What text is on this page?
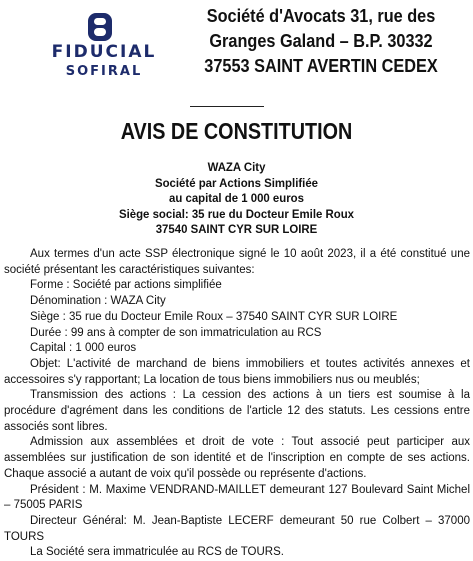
FIDUCIAL
SOFIRAL
Société d'Avocats 31, rue des
Granges Galand – B.P. 30332
37553 SAINT AVERTIN CEDEX
AVIS DE CONSTITUTION
WAZA City
Société par Actions Simplifiée
au capital de 1 000 euros
Siège social: 35 rue du Docteur Emile Roux
37540 SAINT CYR SUR LOIRE

Aux termes d'un acte SSP électronique signé le 10 août 2023, il a été constitué une société présentant les caractéristiques suivantes:

Forme : Société par actions simplifiée

Dénomination : WAZA City

Siège : 35 rue du Docteur Emile Roux – 37540 SAINT CYR SUR LOIRE

Durée : 99 ans à compter de son immatriculation au RCS

Capital : 1 000 euros

Objet: L'activité de marchand de biens immobiliers et toutes activités annexes et accessoires s'y rapportant; La location de tous biens immobiliers nus ou meublés;

Transmission des actions : La cession des actions à un tiers est soumise à la procédure d'agrément dans les conditions de l'article 12 des statuts. Les cessions entre associés sont libres.

Admission aux assemblées et droit de vote : Tout associé peut participer aux assemblées sur justification de son identité et de l'inscription en compte de ses actions. Chaque associé a autant de voix qu'il possède ou représente d'actions.

Président : M. Maxime VENDRAND-MAILLET demeurant 127 Boulevard Saint Michel – 75005 PARIS

Directeur Général: M. Jean-Baptiste LECERF demeurant 50 rue Colbert – 37000 TOURS

La Société sera immatriculée au RCS de TOURS.
